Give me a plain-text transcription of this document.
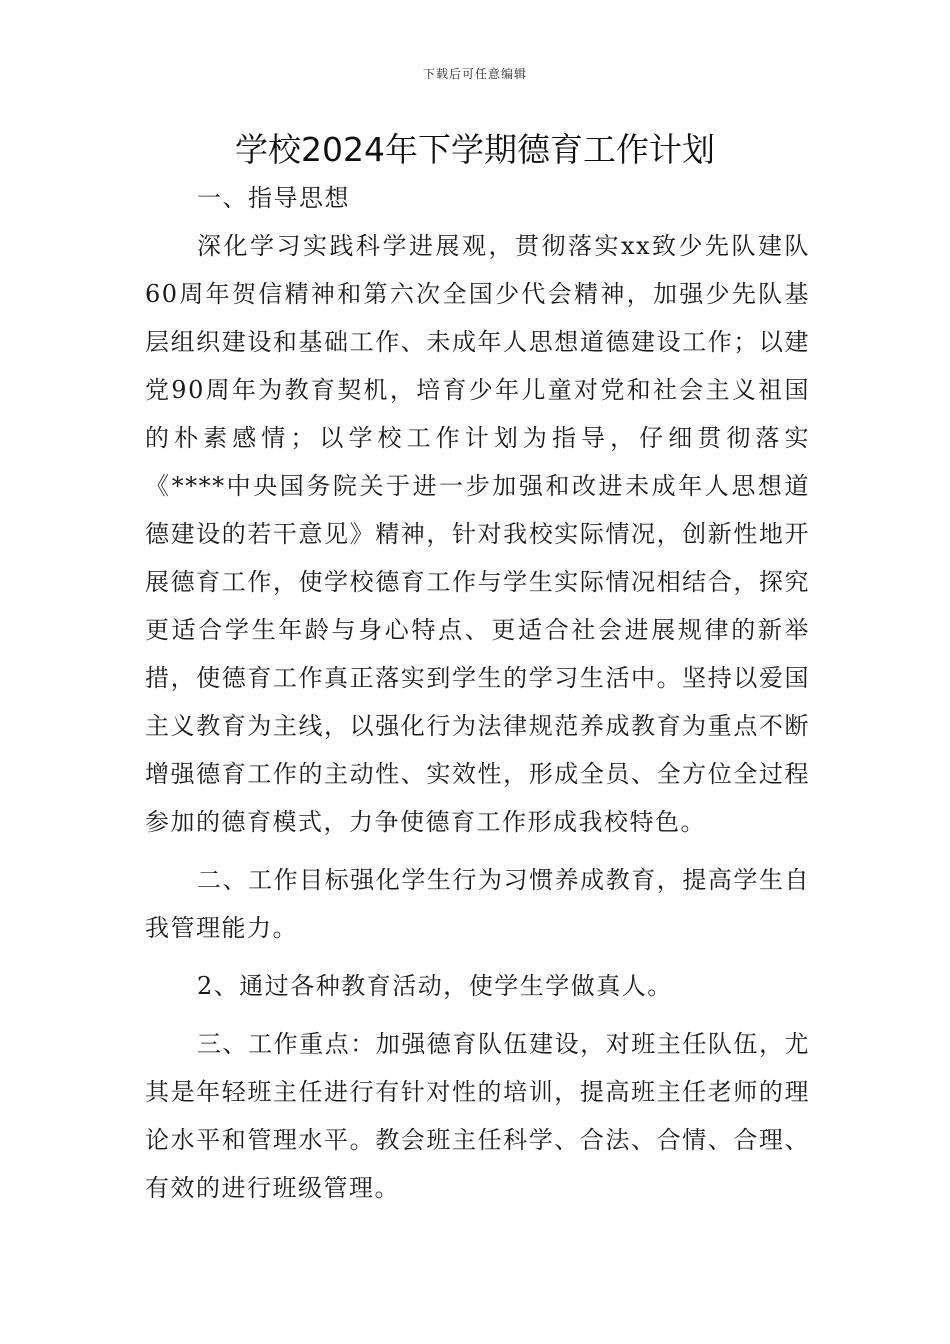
下载后可任意编辑
学校2024年下学期德育工作计划

一、指导思想

深化学习实践科学进展观，贯彻落实xx致少先队建队60周年贺信精神和第六次全国少代会精神，加强少先队基层组织建设和基础工作、未成年人思想道德建设工作；以建党90周年为教育契机，培育少年儿童对党和社会主义祖国的朴素感情；以学校工作计划为指导，仔细贯彻落实《****中央国务院关于进一步加强和改进未成年人思想道德建设的若干意见》精神，针对我校实际情况，创新性地开展德育工作，使学校德育工作与学生实际情况相结合，探究更适合学生年龄与身心特点、更适合社会进展规律的新举措，使德育工作真正落实到学生的学习生活中。坚持以爱国主义教育为主线，以强化行为法律规范养成教育为重点不断增强德育工作的主动性、实效性，形成全员、全方位全过程参加的德育模式，力争使德育工作形成我校特色。

二、工作目标强化学生行为习惯养成教育，提高学生自我管理能力。

2、通过各种教育活动，使学生学做真人。

三、工作重点：加强德育队伍建设，对班主任队伍，尤其是年轻班主任进行有针对性的培训，提高班主任老师的理论水平和管理水平。教会班主任科学、合法、合情、合理、有效的进行班级管理。
